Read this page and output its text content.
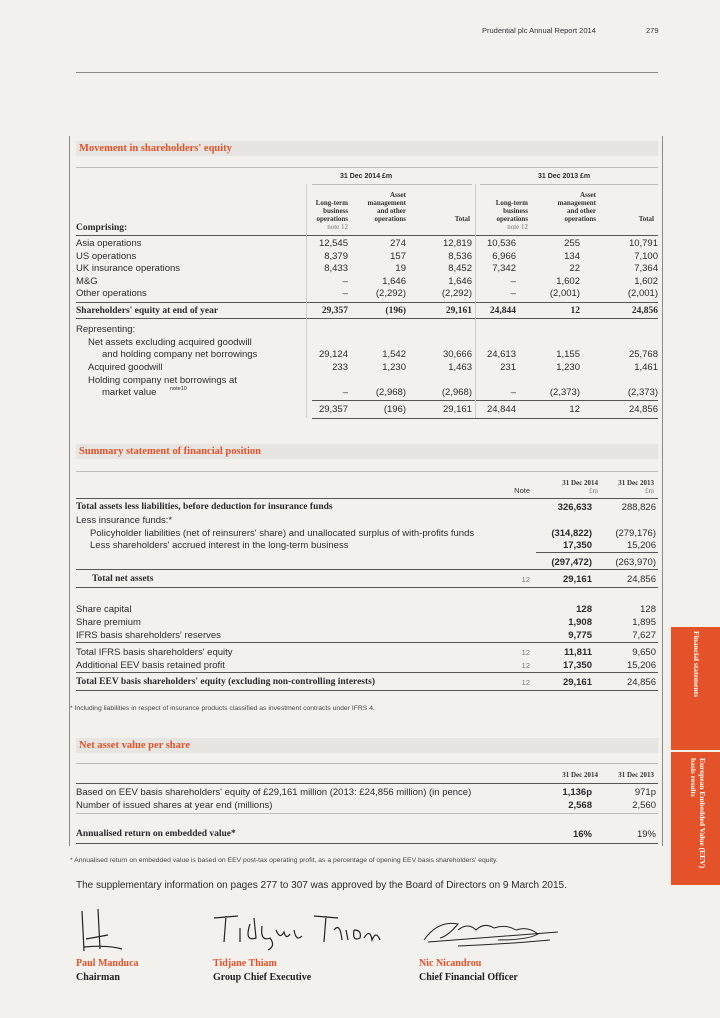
Prudential plc Annual Report 2014	279
Financial statements
European Embedded Value (EEV) basis results
Movement in shareholders' equity
31 Dec 2014 £m	31 Dec 2013 £m
Long-term
business
operations
note 12
Asset
management
and other
operations	Total
Long-term
business
operations
note 12
Asset
management
and other
operations	Total
Comprising:
Asia operations	12,545	274	12,819 10,536	255	10,791
US operations	8,379	157	8,536 6,966	134	7,100
UK insurance operations	8,433	19	8,452 7,342	22	7,364
M&G	–	1,646	1,646	–	1,602	1,602
Other operations	–	(2,292)	(2,292)	–	(2,001)	(2,001)
Shareholders' equity at end of year	29,357	(196)	29,161 24,844	12	24,856
Representing:
Net assets excluding acquired goodwill
and holding company net borrowings	29,124	1,542	30,666 24,613	1,155	25,768
Acquired goodwill	233	1,230	1,463	231	1,230	1,461
Holding company net borrowings at
market value	–	(2,968)	(2,968)	–	(2,373)	(2,373)
note10
29,357	(196)	29,161 24,844	12	24,856
Summary statement of financial position
Note
31 Dec 2014
£m
31 Dec 2013
£m
Total assets less liabilities, before deduction for insurance funds	326,633	288,826
Less insurance funds:*
Policyholder liabilities (net of reinsurers' share) and unallocated surplus of with-profits funds	(314,822) (279,176)
Less shareholders' accrued interest in the long-term business	17,350	15,206
(297,472) (263,970)
Total net assets	12	29,161	24,856
Share capital	128	128
Share premium	1,908	1,895
IFRS basis shareholders' reserves	9,775	7,627
Total IFRS basis shareholders' equity	12	11,811	9,650
Additional EEV basis retained profit	12	17,350	15,206
Total EEV basis shareholders' equity (excluding non-controlling interests)	12	29,161	24,856
* Including liabilities in respect of insurance products classified as investment contracts under IFRS 4.
Net asset value per share
31 Dec 2014	31 Dec 2013
Based on EEV basis shareholders' equity of £29,161 million (2013: £24,856 million) (in pence)	1,136p	971p
Number of issued shares at year end (millions)	2,568	2,560
Annualised return on embedded value*	16%	19%
* Annualised return on embedded value is based on EEV post-tax operating profit, as a percentage of opening EEV basis shareholders' equity.
The supplementary information on pages 277 to 307 was approved by the Board of Directors on 9 March 2015.
Paul Manduca
Chairman
Tidjane Thiam
Group Chief Executive
Nic Nicandrou
Chief Financial Officer
